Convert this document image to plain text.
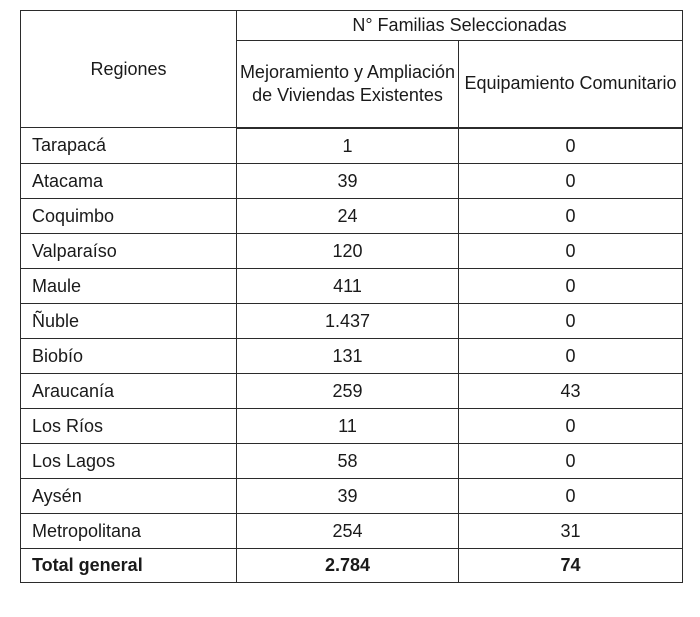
Regiones	N° Familias Seleccionadas	
	Mejoramiento y Ampliación de Viviendas Existentes	Equipamiento Comunitario
Tarapacá	1	0
Atacama	39	0
Coquimbo	24	0
Valparaíso	120	0
Maule	411	0
Ñuble	1.437	0
Biobío	131	0
Araucanía	259	43
Los Ríos	11	0
Los Lagos	58	0
Aysén	39	0
Metropolitana	254	31
Total general	2.784	74
